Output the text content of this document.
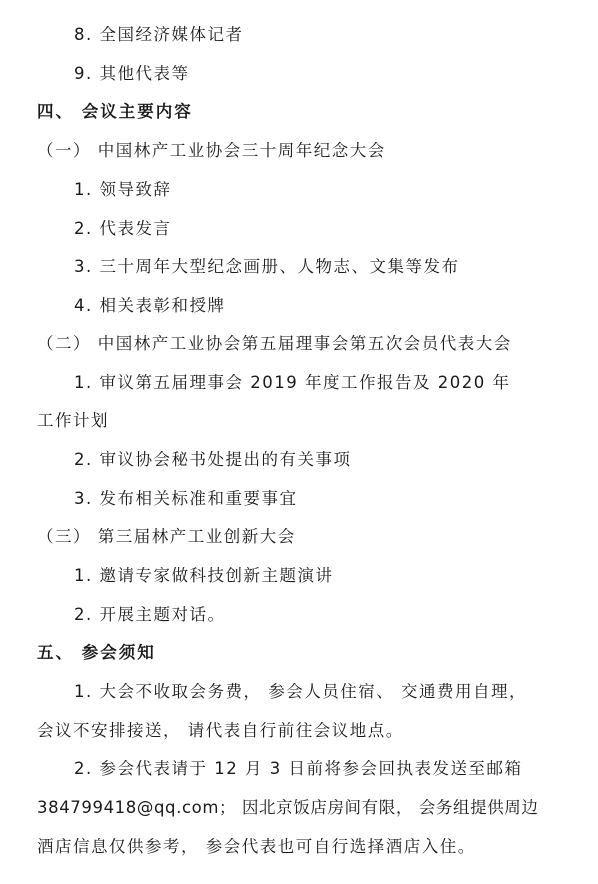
8. 全国经济媒体记者
9. 其他代表等
四、 会议主要内容
（一） 中国林产工业协会三十周年纪念大会
1. 领导致辞
2. 代表发言
3. 三十周年大型纪念画册、人物志、文集等发布
4. 相关表彰和授牌
（二） 中国林产工业协会第五届理事会第五次会员代表大会
1. 审议第五届理事会 2019 年度工作报告及 2020 年
工作计划
2. 审议协会秘书处提出的有关事项
3. 发布相关标准和重要事宜
（三） 第三届林产工业创新大会
1. 邀请专家做科技创新主题演讲
2. 开展主题对话。
五、 参会须知
1. 大会不收取会务费， 参会人员住宿、 交通费用自理，
会议不安排接送， 请代表自行前往会议地点。
2. 参会代表请于 12 月 3 日前将参会回执表发送至邮箱
384799418@qq.com； 因北京饭店房间有限， 会务组提供周边
酒店信息仅供参考， 参会代表也可自行选择酒店入住。
